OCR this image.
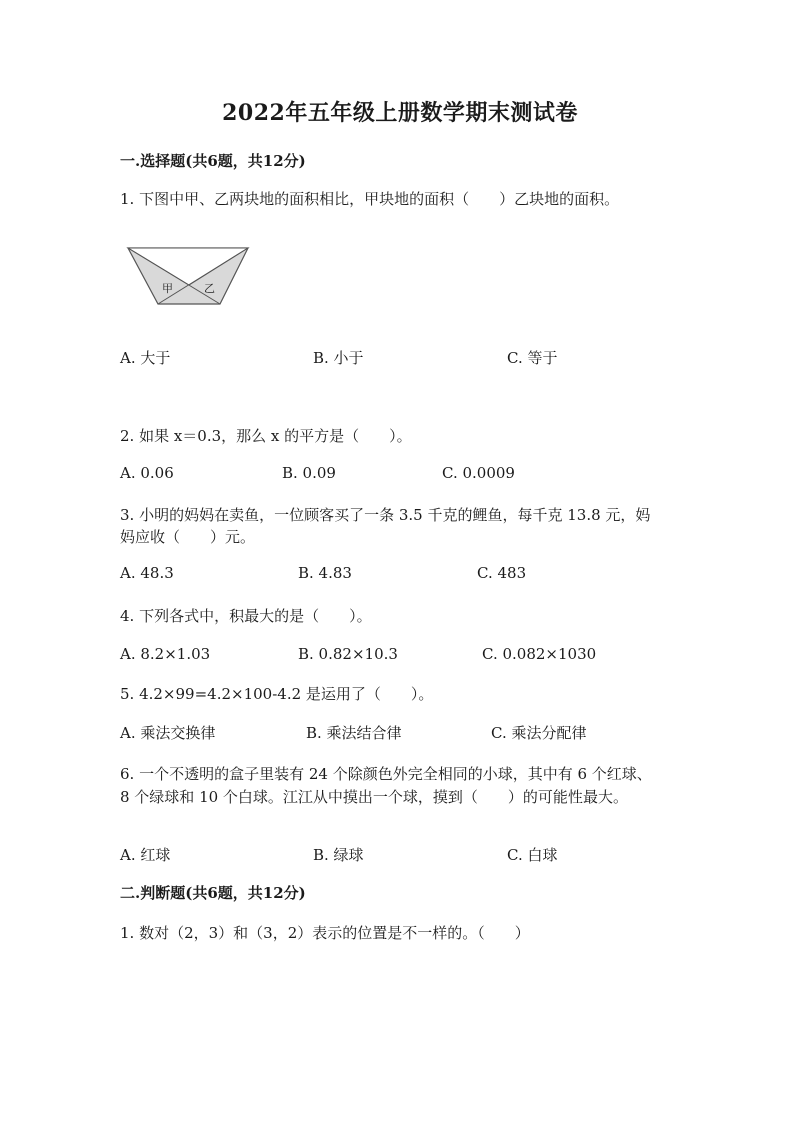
2022年五年级上册数学期末测试卷
一.选择题(共6题，共12分)
1. 下图中甲、乙两块地的面积相比，甲块地的面积（　　）乙块地的面积。
甲	乙
A. 大于	B. 小于	C. 等于
2. 如果 x＝0.3，那么 x 的平方是（　　）。
A. 0.06	B. 0.09	C. 0.0009
3. 小明的妈妈在卖鱼，一位顾客买了一条 3.5 千克的鲤鱼，每千克 13.8 元，妈
妈应收（　　）元。
A. 48.3	B. 4.83	C. 483
4. 下列各式中，积最大的是（　　）。
A. 8.2×1.03	B. 0.82×10.3	C. 0.082×1030
5. 4.2×99=4.2×100-4.2 是运用了（　　）。
A. 乘法交换律	B. 乘法结合律	C. 乘法分配律
6. 一个不透明的盒子里装有 24 个除颜色外完全相同的小球，其中有 6 个红球、
8 个绿球和 10 个白球。江江从中摸出一个球，摸到（　　）的可能性最大。
A. 红球	B. 绿球	C. 白球
二.判断题(共6题，共12分)
1. 数对（2，3）和（3，2）表示的位置是不一样的。（　　）
